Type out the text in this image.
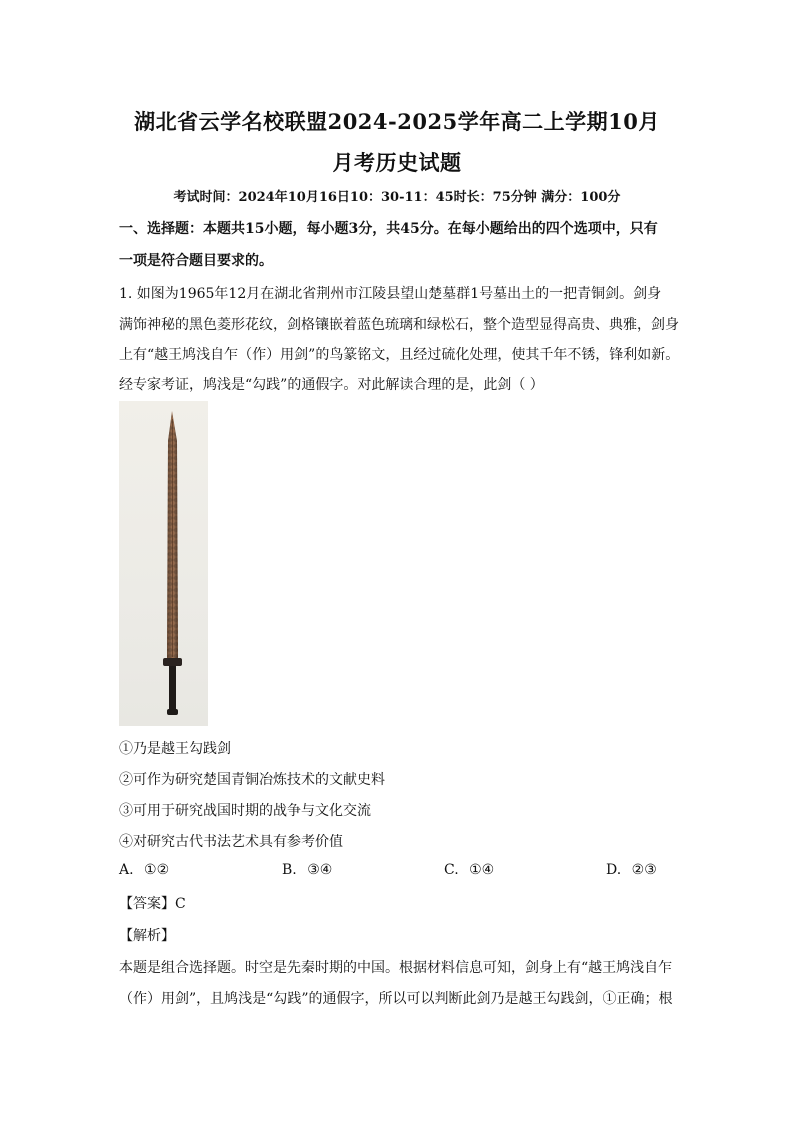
湖北省云学名校联盟2024-2025学年高二上学期10月
月考历史试题
考试时间：2024年10月16日10：30-11：45时长：75分钟 满分：100分
一、选择题：本题共15小题，每小题3分，共45分。在每小题给出的四个选项中，只有
一项是符合题目要求的。
1. 如图为1965年12月在湖北省荆州市江陵县望山楚墓群1号墓出土的一把青铜剑。剑身
满饰神秘的黑色菱形花纹，剑格镶嵌着蓝色琉璃和绿松石，整个造型显得高贵、典雅，剑身
上有“越王鸠浅自乍（作）用剑”的鸟篆铭文，且经过硫化处理，使其千年不锈，锋利如新。
经专家考证，鸠浅是“勾践”的通假字。对此解读合理的是，此剑（ ）
①乃是越王勾践剑
②可作为研究楚国青铜冶炼技术的文献史料
③可用于研究战国时期的战争与文化交流
④对研究古代书法艺术具有参考价值
A. ①②	B. ③④	C. ①④	D. ②③
【答案】C
【解析】
本题是组合选择题。时空是先秦时期的中国。根据材料信息可知，剑身上有“越王鸠浅自乍
（作）用剑”，且鸠浅是“勾践”的通假字，所以可以判断此剑乃是越王勾践剑，①正确；根
